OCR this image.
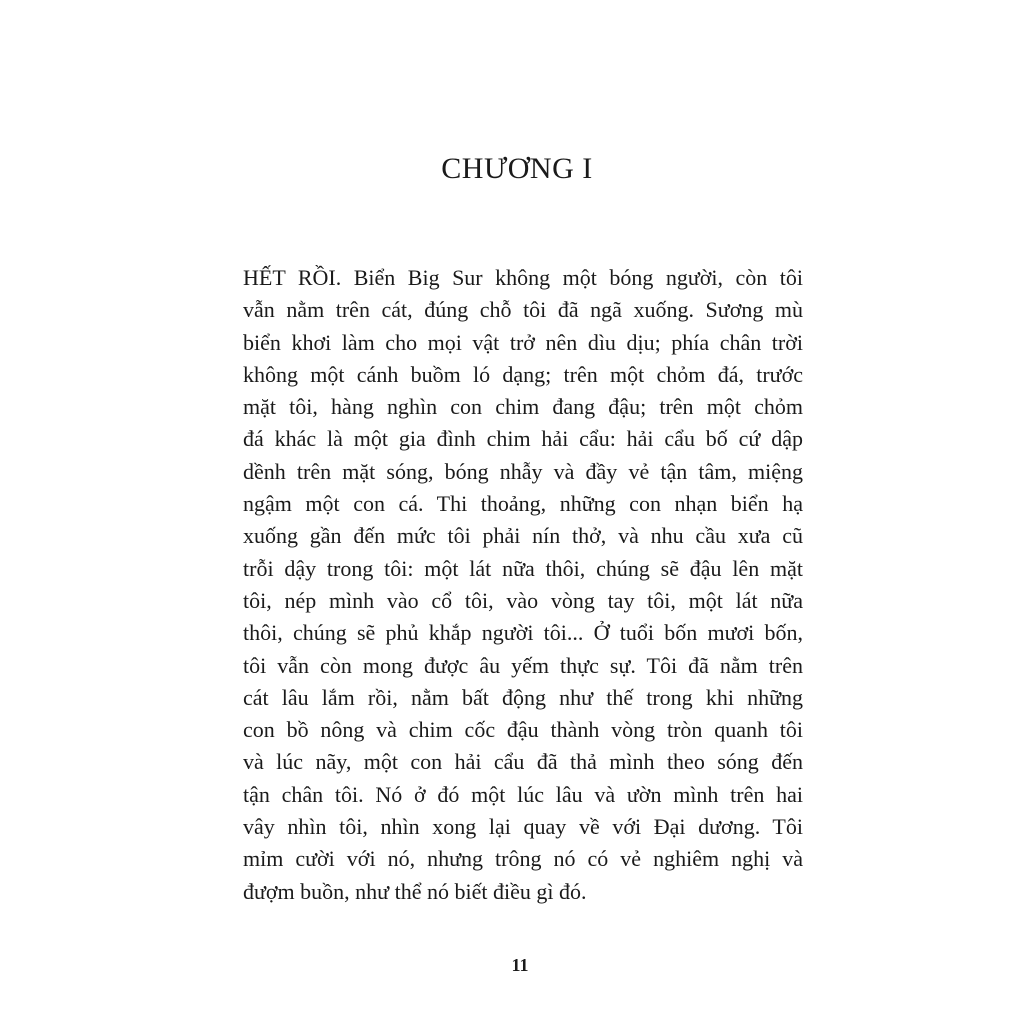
CHƯƠNG I
HẾT RỒI. Biển Big Sur không một bóng người, còn tôi
vẫn nằm trên cát, đúng chỗ tôi đã ngã xuống. Sương mù
biển khơi làm cho mọi vật trở nên dìu dịu; phía chân trời
không một cánh buồm ló dạng; trên một chỏm đá, trước
mặt tôi, hàng nghìn con chim đang đậu; trên một chỏm
đá khác là một gia đình chim hải cẩu: hải cẩu bố cứ dập
dềnh trên mặt sóng, bóng nhẫy và đầy vẻ tận tâm, miệng
ngậm một con cá. Thi thoảng, những con nhạn biển hạ
xuống gần đến mức tôi phải nín thở, và nhu cầu xưa cũ
trỗi dậy trong tôi: một lát nữa thôi, chúng sẽ đậu lên mặt
tôi, nép mình vào cổ tôi, vào vòng tay tôi, một lát nữa
thôi, chúng sẽ phủ khắp người tôi... Ở tuổi bốn mươi bốn,
tôi vẫn còn mong được âu yếm thực sự. Tôi đã nằm trên
cát lâu lắm rồi, nằm bất động như thế trong khi những
con bồ nông và chim cốc đậu thành vòng tròn quanh tôi
và lúc nãy, một con hải cẩu đã thả mình theo sóng đến
tận chân tôi. Nó ở đó một lúc lâu và ườn mình trên hai
vây nhìn tôi, nhìn xong lại quay về với Đại dương. Tôi
mỉm cười với nó, nhưng trông nó có vẻ nghiêm nghị và
đượm buồn, như thể nó biết điều gì đó.
11
